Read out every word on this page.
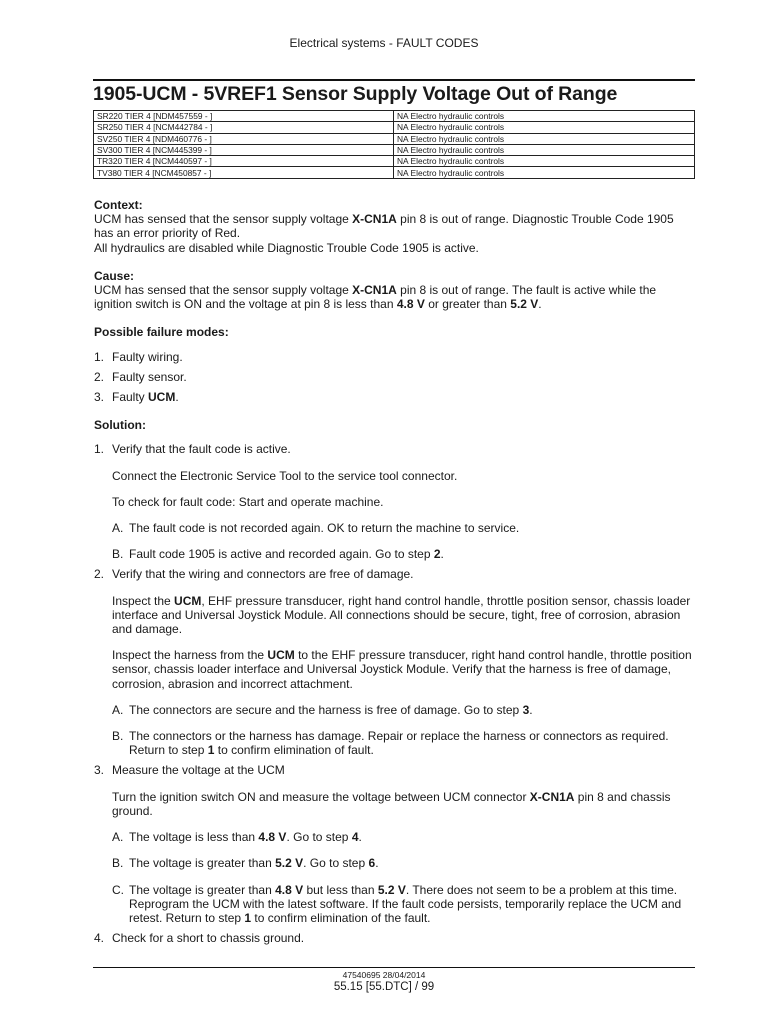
Electrical systems - FAULT CODES
1905-UCM - 5VREF1 Sensor Supply Voltage Out of Range
SR220 TIER 4 [NDM457559 - ]	NA Electro hydraulic controls
SR250 TIER 4 [NCM442784 - ]	NA Electro hydraulic controls
SV250 TIER 4 [NDM460776 - ]	NA Electro hydraulic controls
SV300 TIER 4 [NCM445399 - ]	NA Electro hydraulic controls
TR320 TIER 4 [NCM440597 - ]	NA Electro hydraulic controls
TV380 TIER 4 [NCM450857 - ]	NA Electro hydraulic controls

Context:

UCM has sensed that the sensor supply voltage X-CN1A pin 8 is out of range. Diagnostic Trouble Code 1905 has an error priority of Red.

All hydraulics are disabled while Diagnostic Trouble Code 1905 is active.

Cause:

UCM has sensed that the sensor supply voltage X-CN1A pin 8 is out of range. The fault is active while the ignition switch is ON and the voltage at pin 8 is less than 4.8 V or greater than 5.2 V.

Possible failure modes:

1. Faulty wiring.

2. Faulty sensor.

3. Faulty UCM.

Solution:

1. Verify that the fault code is active.

Connect the Electronic Service Tool to the service tool connector.

To check for fault code: Start and operate machine.

A. The fault code is not recorded again. OK to return the machine to service.

B. Fault code 1905 is active and recorded again. Go to step 2.

2. Verify that the wiring and connectors are free of damage.

Inspect the UCM, EHF pressure transducer, right hand control handle, throttle position sensor, chassis loader interface and Universal Joystick Module. All connections should be secure, tight, free of corrosion, abrasion and damage.

Inspect the harness from the UCM to the EHF pressure transducer, right hand control handle, throttle position sensor, chassis loader interface and Universal Joystick Module. Verify that the harness is free of damage, corrosion, abrasion and incorrect attachment.

A. The connectors are secure and the harness is free of damage. Go to step 3.

B. The connectors or the harness has damage. Repair or replace the harness or connectors as required. Return to step 1 to confirm elimination of fault.

3. Measure the voltage at the UCM

Turn the ignition switch ON and measure the voltage between UCM connector X-CN1A pin 8 and chassis ground.

A. The voltage is less than 4.8 V. Go to step 4.

B. The voltage is greater than 5.2 V. Go to step 6.

C. The voltage is greater than 4.8 V but less than 5.2 V. There does not seem to be a problem at this time. Reprogram the UCM with the latest software. If the fault code persists, temporarily replace the UCM and retest. Return to step 1 to confirm elimination of the fault.

4. Check for a short to chassis ground.

47540695 28/04/2014
55.15 [55.DTC] / 99
